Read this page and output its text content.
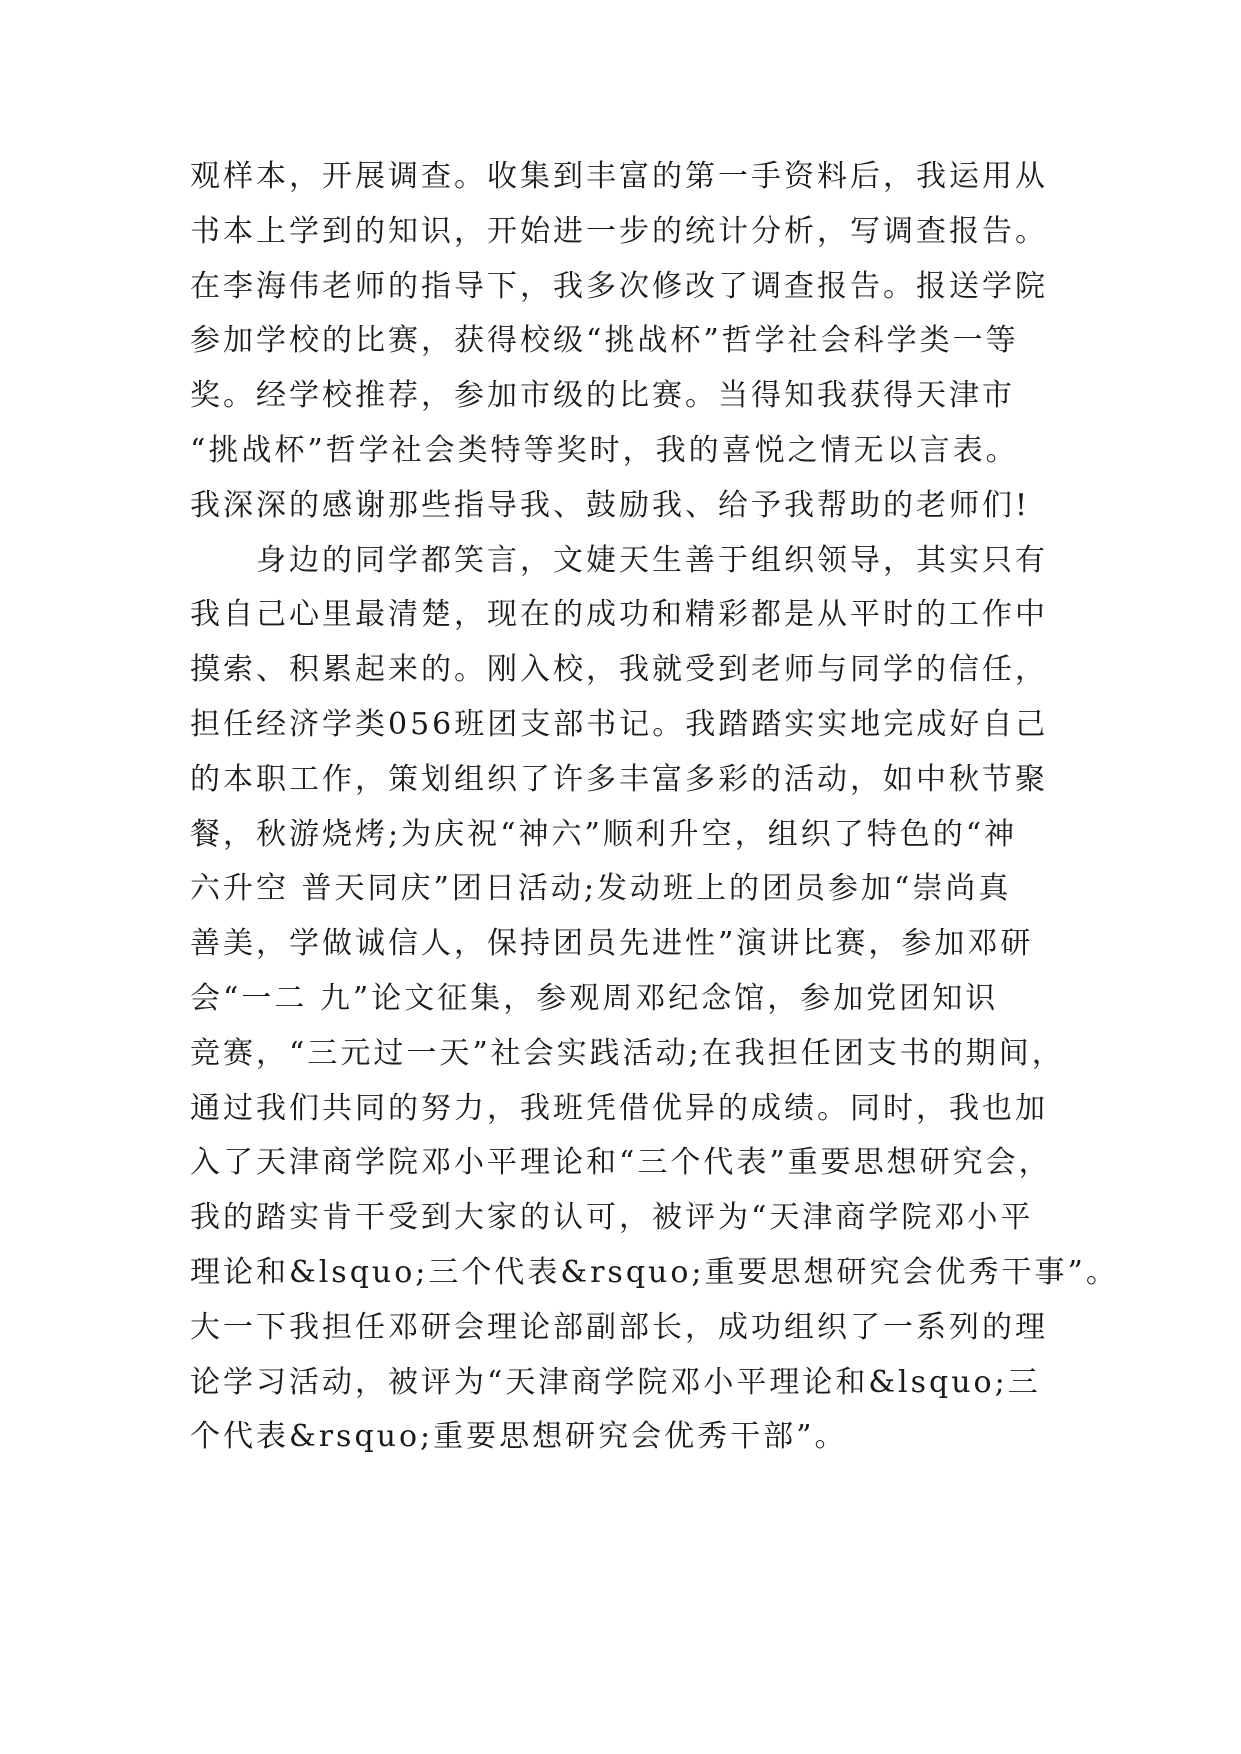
观样本，开展调查。收集到丰富的第一手资料后，我运用从
书本上学到的知识，开始进一步的统计分析，写调查报告。
在李海伟老师的指导下，我多次修改了调查报告。报送学院
参加学校的比赛，获得校级“挑战杯”哲学社会科学类一等
奖。经学校推荐，参加市级的比赛。当得知我获得天津市
“挑战杯”哲学社会类特等奖时，我的喜悦之情无以言表。
我深深的感谢那些指导我、鼓励我、给予我帮助的老师们!
身边的同学都笑言，文婕天生善于组织领导，其实只有
我自己心里最清楚，现在的成功和精彩都是从平时的工作中
摸索、积累起来的。刚入校，我就受到老师与同学的信任，
担任经济学类056班团支部书记。我踏踏实实地完成好自己
的本职工作，策划组织了许多丰富多彩的活动，如中秋节聚
餐，秋游烧烤;为庆祝“神六”顺利升空，组织了特色的“神
六升空 普天同庆”团日活动;发动班上的团员参加“崇尚真
善美，学做诚信人，保持团员先进性”演讲比赛，参加邓研
会“一二 九”论文征集，参观周邓纪念馆，参加党团知识
竞赛，“三元过一天”社会实践活动;在我担任团支书的期间，
通过我们共同的努力，我班凭借优异的成绩。同时，我也加
入了天津商学院邓小平理论和“三个代表”重要思想研究会，
我的踏实肯干受到大家的认可，被评为“天津商学院邓小平
理论和&lsquo;三个代表&rsquo;重要思想研究会优秀干事”。
大一下我担任邓研会理论部副部长，成功组织了一系列的理
论学习活动，被评为“天津商学院邓小平理论和&lsquo;三
个代表&rsquo;重要思想研究会优秀干部”。
